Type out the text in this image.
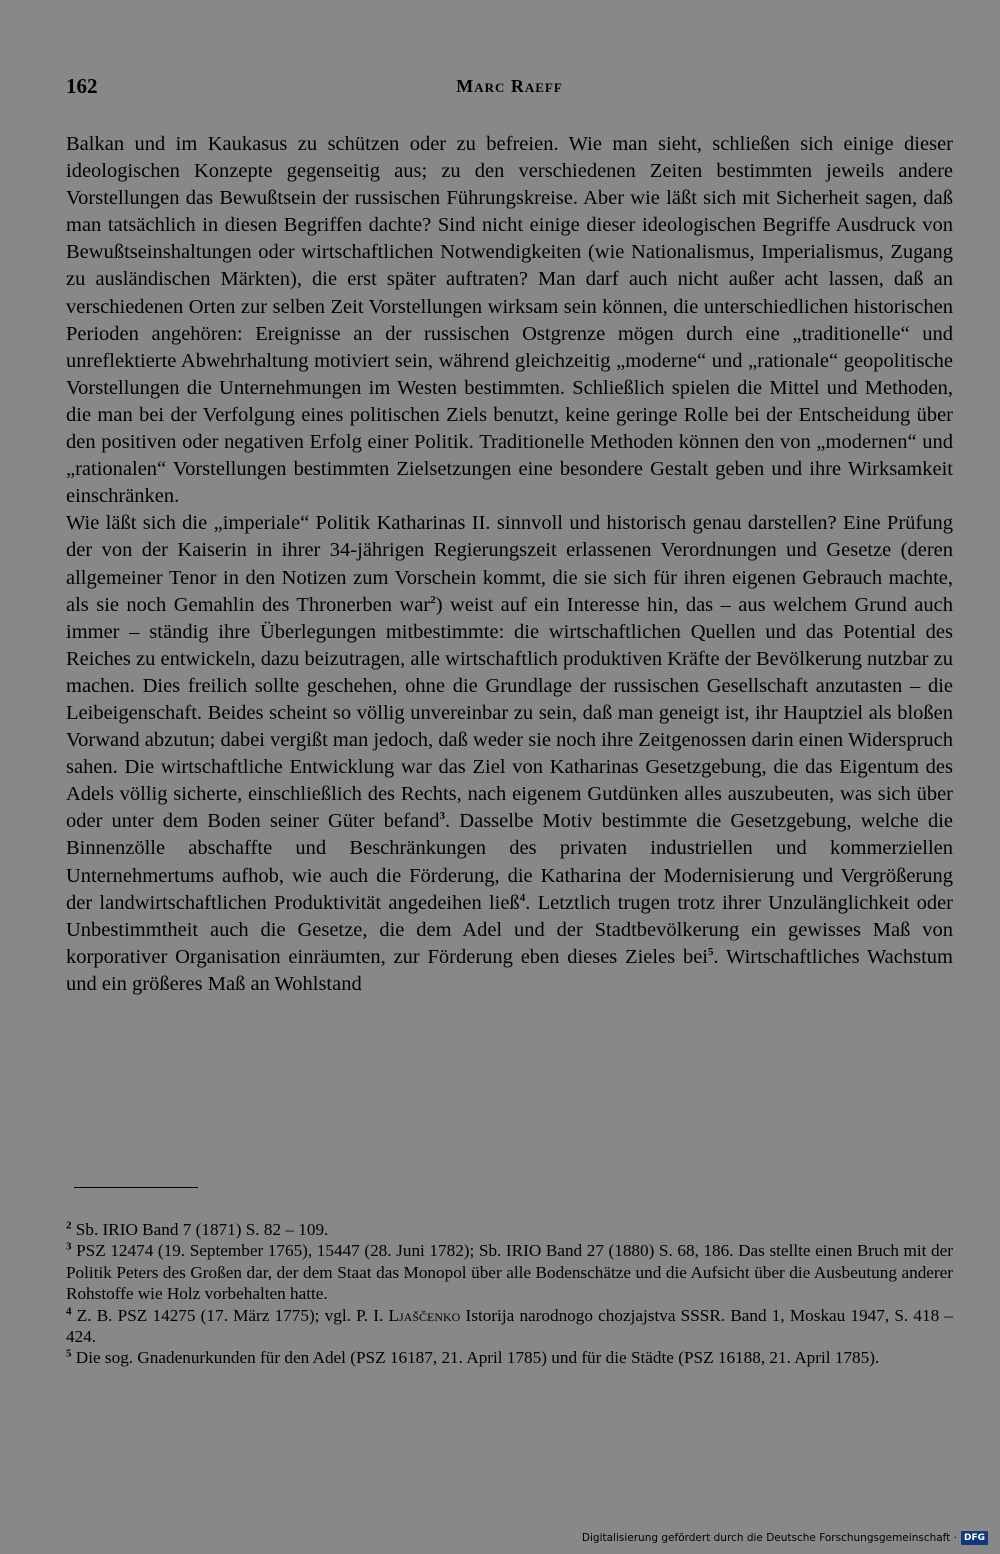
162	Marc Raeff

Balkan und im Kaukasus zu schützen oder zu befreien. Wie man sieht, schließen sich einige dieser ideologischen Konzepte gegenseitig aus; zu den verschiedenen Zeiten bestimmten jeweils andere Vorstellungen das Bewußtsein der russischen Führungskreise. Aber wie läßt sich mit Sicherheit sagen, daß man tatsächlich in diesen Begriffen dachte? Sind nicht einige dieser ideologischen Begriffe Ausdruck von Bewußtseinshaltungen oder wirtschaftlichen Notwendigkeiten (wie Nationalismus, Imperialismus, Zugang zu ausländischen Märkten), die erst später auftraten? Man darf auch nicht außer acht lassen, daß an verschiedenen Orten zur selben Zeit Vorstellungen wirksam sein können, die unterschiedlichen historischen Perioden angehören: Ereignisse an der russischen Ostgrenze mögen durch eine „traditionelle“ und unreflektierte Abwehrhaltung motiviert sein, während gleichzeitig „moderne“ und „rationale“ geopolitische Vorstellungen die Unternehmungen im Westen bestimmten. Schließlich spielen die Mittel und Methoden, die man bei der Verfolgung eines politischen Ziels benutzt, keine geringe Rolle bei der Entscheidung über den positiven oder negativen Erfolg einer Politik. Traditionelle Methoden können den von „modernen“ und „rationalen“ Vorstellungen bestimmten Zielsetzungen eine besondere Gestalt geben und ihre Wirksamkeit einschränken.

Wie läßt sich die „imperiale“ Politik Katharinas II. sinnvoll und historisch genau darstellen? Eine Prüfung der von der Kaiserin in ihrer 34-jährigen Regierungszeit erlassenen Verordnungen und Gesetze (deren allgemeiner Tenor in den Notizen zum Vorschein kommt, die sie sich für ihren eigenen Gebrauch machte, als sie noch Gemahlin des Thronerben war$^2$) weist auf ein Interesse hin, das – aus welchem Grund auch immer – ständig ihre Überlegungen mitbestimmte: die wirtschaftlichen Quellen und das Potential des Reiches zu entwickeln, dazu beizutragen, alle wirtschaftlich produktiven Kräfte der Bevölkerung nutzbar zu machen. Dies freilich sollte geschehen, ohne die Grundlage der russischen Gesellschaft anzutasten – die Leibeigenschaft. Beides scheint so völlig unvereinbar zu sein, daß man geneigt ist, ihr Hauptziel als bloßen Vorwand abzutun; dabei vergißt man jedoch, daß weder sie noch ihre Zeitgenossen darin einen Widerspruch sahen. Die wirtschaftliche Entwicklung war das Ziel von Katharinas Gesetzgebung, die das Eigentum des Adels völlig sicherte, einschließlich des Rechts, nach eigenem Gutdünken alles auszubeuten, was sich über oder unter dem Boden seiner Güter befand$^3$. Dasselbe Motiv bestimmte die Gesetzgebung, welche die Binnenzölle abschaffte und Beschränkungen des privaten industriellen und kommerziellen Unternehmertums aufhob, wie auch die Förderung, die Katharina der Modernisierung und Vergrößerung der landwirtschaftlichen Produktivität angedeihen ließ$^4$. Letztlich trugen trotz ihrer Unzulänglichkeit oder Unbestimmtheit auch die Gesetze, die dem Adel und der Stadtbevölkerung ein gewisses Maß von korporativer Organisation einräumten, zur Förderung eben dieses Zieles bei$^5$. Wirtschaftliches Wachstum und ein größeres Maß an Wohlstand

$^2$ Sb. IRIO Band 7 (1871) S. 82 – 109.

$^3$ PSZ 12474 (19. September 1765), 15447 (28. Juni 1782); Sb. IRIO Band 27 (1880) S. 68, 186. Das stellte einen Bruch mit der Politik Peters des Großen dar, der dem Staat das Monopol über alle Bodenschätze und die Aufsicht über die Ausbeutung anderer Rohstoffe wie Holz vorbehalten hatte.

$^4$ Z. B. PSZ 14275 (17. März 1775); vgl. P. I. Ljaščenko Istorija narodnogo chozjajstva SSSR. Band 1, Moskau 1947, S. 418 – 424.

$^5$ Die sog. Gnadenurkunden für den Adel (PSZ 16187, 21. April 1785) und für die Städte (PSZ 16188, 21. April 1785).

Digitalisierung gefördert durch die Deutsche Forschungsgemeinschaft · DFG
